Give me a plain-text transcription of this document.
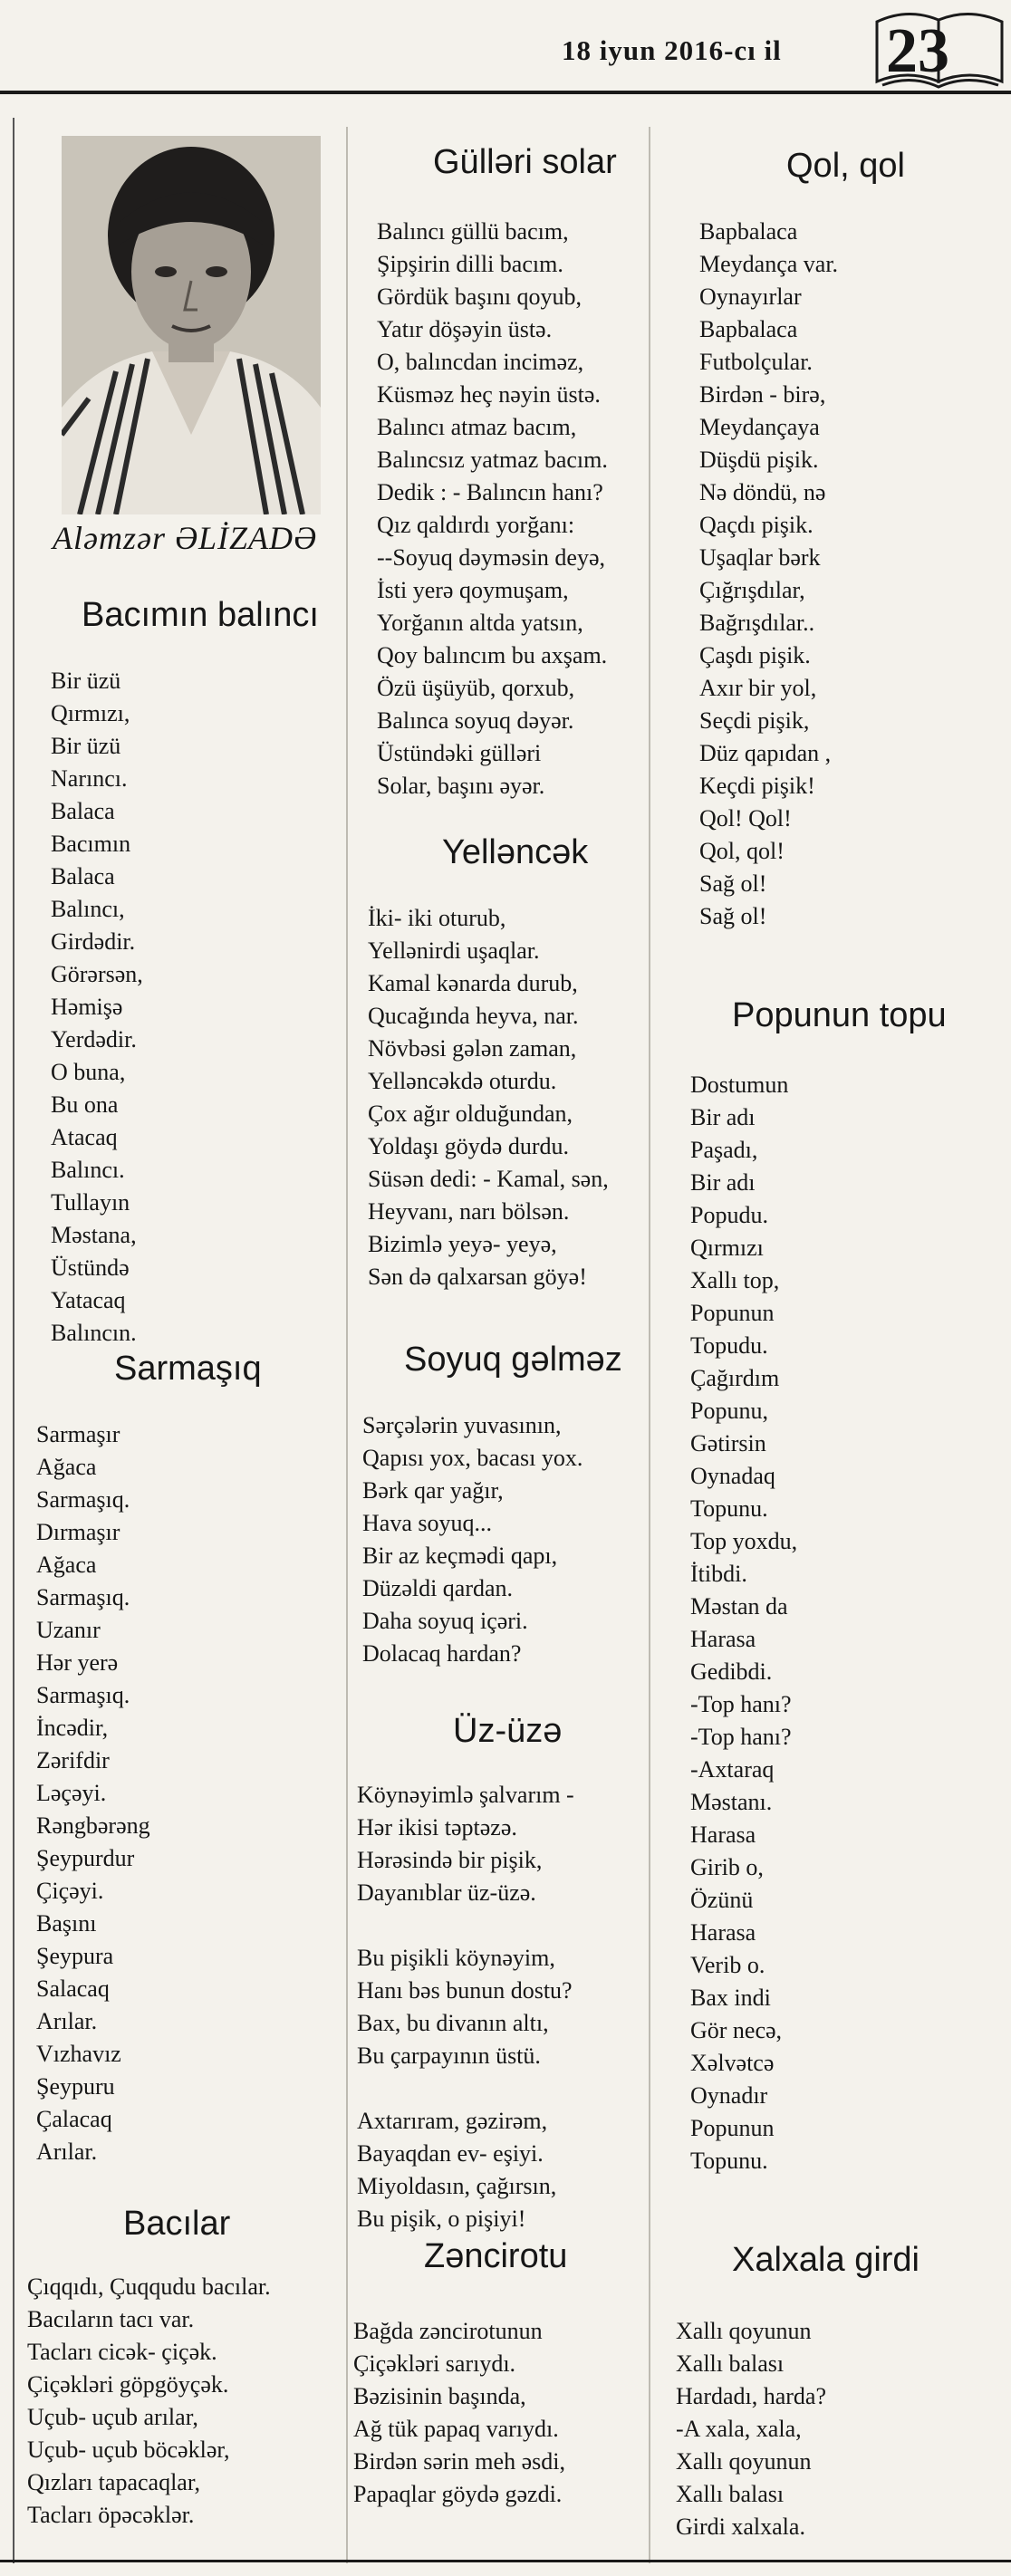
18 iyun 2016-cı il 23
Aləmzər ƏLİZADƏ
Bacımın balıncı
Bir üzü
Qırmızı,
Bir üzü
Narıncı.
Balaca
Bacımın
Balaca
Balıncı,
Girdədir.
Görərsən,
Həmişə
Yerdədir.
O buna,
Bu ona
Atacaq
Balıncı.
Tullayın
Məstana,
Üstündə
Yatacaq
Balıncın.
Sarmaşıq
Sarmaşır
Ağaca
Sarmaşıq.
Dırmaşır
Ağaca
Sarmaşıq.
Uzanır
Hər yerə
Sarmaşıq.
İncədir,
Zərifdir
Ləçəyi.
Rəngbərəng
Şeypurdur
Çiçəyi.
Başını
Şeypura
Salacaq
Arılar.
Vızhavız
Şeypuru
Çalacaq
Arılar.
Bacılar
Çıqqıdı, Çuqqudu bacılar.
Bacıların tacı var.
Tacları cicək- çiçək.
Çiçəkləri göpgöyçək.
Uçub- uçub arılar,
Uçub- uçub böcəklər,
Qızları tapacaqlar,
Tacları öpəcəklər.
Gülləri solar
Balıncı güllü bacım,
Şipşirin dilli bacım.
Gördük başını qoyub,
Yatır döşəyin üstə.
O, balıncdan inciməz,
Küsməz heç nəyin üstə.
Balıncı atmaz bacım,
Balıncsız yatmaz bacım.
Dedik : - Balıncın hanı?
Qız qaldırdı yorğanı:
--Soyuq dəyməsin deyə,
İsti yerə qoymuşam,
Yorğanın altda yatsın,
Qoy balıncım bu axşam.
Özü üşüyüb, qorxub,
Balınca soyuq dəyər.
Üstündəki gülləri
Solar, başını əyər.
Yelləncək
İki- iki oturub,
Yellənirdi uşaqlar.
Kamal kənarda durub,
Qucağında heyva, nar.
Növbəsi gələn zaman,
Yelləncəkdə oturdu.
Çox ağır olduğundan,
Yoldaşı göydə durdu.
Süsən dedi: - Kamal, sən,
Heyvanı, narı bölsən.
Bizimlə yeyə- yeyə,
Sən də qalxarsan göyə!
Soyuq gəlməz
Sərçələrin yuvasının,
Qapısı yox, bacası yox.
Bərk qar yağır,
Hava soyuq...
Bir az keçmədi qapı,
Düzəldi qardan.
Daha soyuq içəri.
Dolacaq hardan?
Üz-üzə
Köynəyimlə şalvarım -
Hər ikisi təptəzə.
Hərəsində bir pişik,
Dayanıblar üz-üzə.
Bu pişikli köynəyim,
Hanı bəs bunun dostu?
Bax, bu divanın altı,
Bu çarpayının üstü.
Axtarıram, gəzirəm,
Bayaqdan ev- eşiyi.
Miyoldasın, çağırsın,
Bu pişik, o pişiyi!
Zəncirotu
Bağda zəncirotunun
Çiçəkləri sarıydı.
Bəzisinin başında,
Ağ tük papaq varıydı.
Birdən sərin meh əsdi,
Papaqlar göydə gəzdi.
Qol, qol
Bapbalaca
Meydança var.
Oynayırlar
Bapbalaca
Futbolçular.
Birdən - birə,
Meydançaya
Düşdü pişik.
Nə döndü, nə
Qaçdı pişik.
Uşaqlar bərk
Çığrışdılar,
Bağrışdılar..
Çaşdı pişik.
Axır bir yol,
Seçdi pişik,
Düz qapıdan ,
Keçdi pişik!
Qol! Qol!
Qol, qol!
Sağ ol!
Sağ ol!
Popunun topu
Dostumun
Bir adı
Paşadı,
Bir adı
Popudu.
Qırmızı
Xallı top,
Popunun
Topudu.
Çağırdım
Popunu,
Gətirsin
Oynadaq
Topunu.
Top yoxdu,
İtibdi.
Məstan da
Harasa
Gedibdi.
-Top hanı?
-Top hanı?
-Axtaraq
Məstanı.
Harasa
Girib o,
Özünü
Harasa
Verib o.
Bax indi
Gör necə,
Xəlvətcə
Oynadır
Popunun
Topunu.
Xalxala girdi
Xallı qoyunun
Xallı balası
Hardadı, harda?
-A xala, xala,
Xallı qoyunun
Xallı balası
Girdi xalxala.
